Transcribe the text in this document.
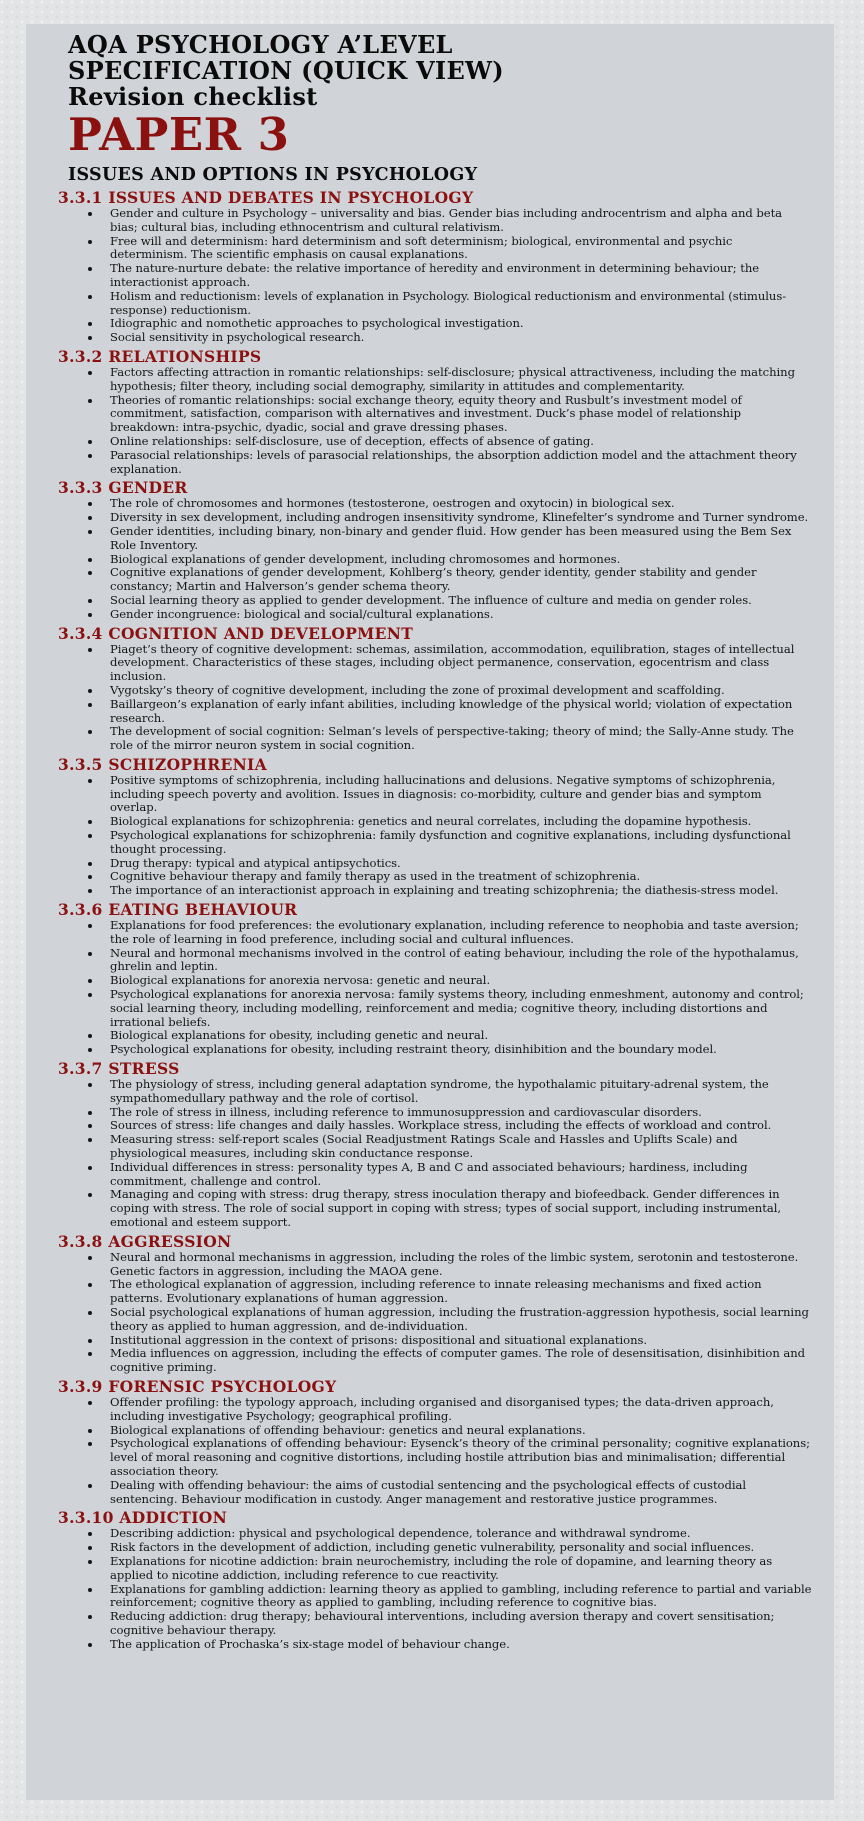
AQA PSYCHOLOGY A’LEVEL
SPECIFICATION (QUICK VIEW)
Revision checklist
PAPER 3
ISSUES AND OPTIONS IN PSYCHOLOGY
3.3.1 ISSUES AND DEBATES IN PSYCHOLOGY
Gender and culture in Psychology – universality and bias. Gender bias including androcentrism and alpha and beta bias; cultural bias, including ethnocentrism and cultural relativism.
Free will and determinism: hard determinism and soft determinism; biological, environmental and psychic determinism. The scientific emphasis on causal explanations.
The nature-nurture debate: the relative importance of heredity and environment in determining behaviour; the interactionist approach.
Holism and reductionism: levels of explanation in Psychology. Biological reductionism and environmental (stimulus-response) reductionism.
Idiographic and nomothetic approaches to psychological investigation.
Social sensitivity in psychological research.
3.3.2 RELATIONSHIPS
Factors affecting attraction in romantic relationships: self-disclosure; physical attractiveness, including the matching hypothesis; filter theory, including social demography, similarity in attitudes and complementarity.
Theories of romantic relationships: social exchange theory, equity theory and Rusbult’s investment model of commitment, satisfaction, comparison with alternatives and investment. Duck’s phase model of relationship breakdown: intra-psychic, dyadic, social and grave dressing phases.
Online relationships: self-disclosure, use of deception, effects of absence of gating.
Parasocial relationships: levels of parasocial relationships, the absorption addiction model and the attachment theory explanation.
3.3.3 GENDER
The role of chromosomes and hormones (testosterone, oestrogen and oxytocin) in biological sex.
Diversity in sex development, including androgen insensitivity syndrome, Klinefelter’s syndrome and Turner syndrome.
Gender identities, including binary, non-binary and gender fluid. How gender has been measured using the Bem Sex Role Inventory.
Biological explanations of gender development, including chromosomes and hormones.
Cognitive explanations of gender development, Kohlberg’s theory, gender identity, gender stability and gender constancy; Martin and Halverson’s gender schema theory.
Social learning theory as applied to gender development. The influence of culture and media on gender roles.
Gender incongruence: biological and social/cultural explanations.
3.3.4 COGNITION AND DEVELOPMENT
Piaget’s theory of cognitive development: schemas, assimilation, accommodation, equilibration, stages of intellectual development. Characteristics of these stages, including object permanence, conservation, egocentrism and class inclusion.
Vygotsky’s theory of cognitive development, including the zone of proximal development and scaffolding.
Baillargeon’s explanation of early infant abilities, including knowledge of the physical world; violation of expectation research.
The development of social cognition: Selman’s levels of perspective-taking; theory of mind; the Sally-Anne study. The role of the mirror neuron system in social cognition.
3.3.5 SCHIZOPHRENIA
Positive symptoms of schizophrenia, including hallucinations and delusions. Negative symptoms of schizophrenia, including speech poverty and avolition. Issues in diagnosis: co-morbidity, culture and gender bias and symptom overlap.
Biological explanations for schizophrenia: genetics and neural correlates, including the dopamine hypothesis.
Psychological explanations for schizophrenia: family dysfunction and cognitive explanations, including dysfunctional thought processing.
Drug therapy: typical and atypical antipsychotics.
Cognitive behaviour therapy and family therapy as used in the treatment of schizophrenia.
The importance of an interactionist approach in explaining and treating schizophrenia; the diathesis-stress model.
3.3.6 EATING BEHAVIOUR
Explanations for food preferences: the evolutionary explanation, including reference to neophobia and taste aversion; the role of learning in food preference, including social and cultural influences.
Neural and hormonal mechanisms involved in the control of eating behaviour, including the role of the hypothalamus, ghrelin and leptin.
Biological explanations for anorexia nervosa: genetic and neural.
Psychological explanations for anorexia nervosa: family systems theory, including enmeshment, autonomy and control; social learning theory, including modelling, reinforcement and media; cognitive theory, including distortions and irrational beliefs.
Biological explanations for obesity, including genetic and neural.
Psychological explanations for obesity, including restraint theory, disinhibition and the boundary model.
3.3.7 STRESS
The physiology of stress, including general adaptation syndrome, the hypothalamic pituitary-adrenal system, the sympathomedullary pathway and the role of cortisol.
The role of stress in illness, including reference to immunosuppression and cardiovascular disorders.
Sources of stress: life changes and daily hassles. Workplace stress, including the effects of workload and control.
Measuring stress: self-report scales (Social Readjustment Ratings Scale and Hassles and Uplifts Scale) and physiological measures, including skin conductance response.
Individual differences in stress: personality types A, B and C and associated behaviours; hardiness, including commitment, challenge and control.
Managing and coping with stress: drug therapy, stress inoculation therapy and biofeedback. Gender differences in coping with stress. The role of social support in coping with stress; types of social support, including instrumental, emotional and esteem support.
3.3.8 AGGRESSION
Neural and hormonal mechanisms in aggression, including the roles of the limbic system, serotonin and testosterone. Genetic factors in aggression, including the MAOA gene.
The ethological explanation of aggression, including reference to innate releasing mechanisms and fixed action patterns. Evolutionary explanations of human aggression.
Social psychological explanations of human aggression, including the frustration-aggression hypothesis, social learning theory as applied to human aggression, and de-individuation.
Institutional aggression in the context of prisons: dispositional and situational explanations.
Media influences on aggression, including the effects of computer games. The role of desensitisation, disinhibition and cognitive priming.
3.3.9 FORENSIC PSYCHOLOGY
Offender profiling: the typology approach, including organised and disorganised types; the data-driven approach, including investigative Psychology; geographical profiling.
Biological explanations of offending behaviour: genetics and neural explanations.
Psychological explanations of offending behaviour: Eysenck’s theory of the criminal personality; cognitive explanations; level of moral reasoning and cognitive distortions, including hostile attribution bias and minimalisation; differential association theory.
Dealing with offending behaviour: the aims of custodial sentencing and the psychological effects of custodial sentencing. Behaviour modification in custody. Anger management and restorative justice programmes.
3.3.10 ADDICTION
Describing addiction: physical and psychological dependence, tolerance and withdrawal syndrome.
Risk factors in the development of addiction, including genetic vulnerability, personality and social influences.
Explanations for nicotine addiction: brain neurochemistry, including the role of dopamine, and learning theory as applied to nicotine addiction, including reference to cue reactivity.
Explanations for gambling addiction: learning theory as applied to gambling, including reference to partial and variable reinforcement; cognitive theory as applied to gambling, including reference to cognitive bias.
Reducing addiction: drug therapy; behavioural interventions, including aversion therapy and covert sensitisation; cognitive behaviour therapy.
The application of Prochaska’s six-stage model of behaviour change.
